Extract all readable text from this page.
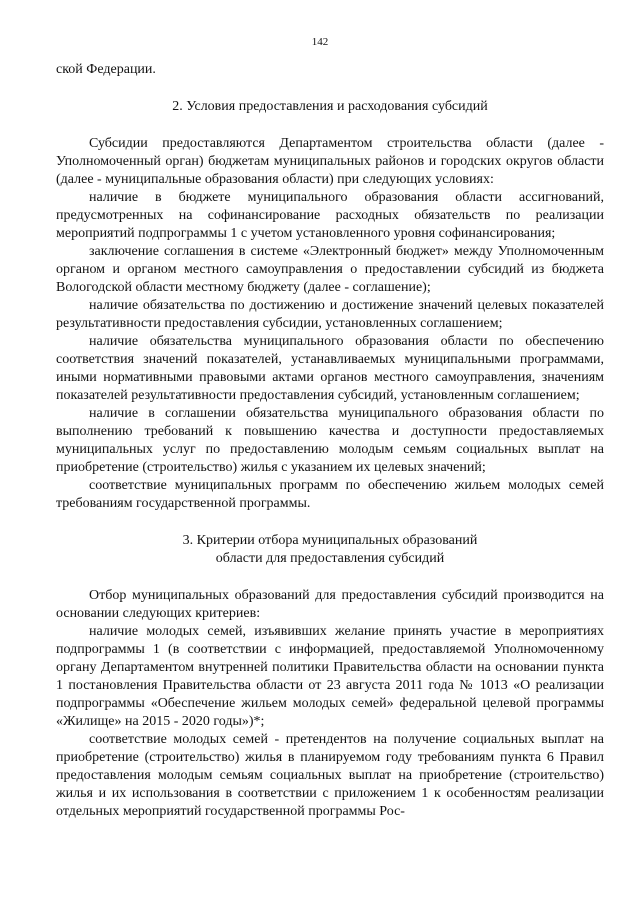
142

ской Федерации.

2. Условия предоставления и расходования субсидий

Субсидии предоставляются Департаментом строительства области (далее - Уполномоченный орган) бюджетам муниципальных районов и городских округов области (далее - муниципальные образования области) при следующих условиях:

наличие в бюджете муниципального образования области ассигнований, предусмотренных на софинансирование расходных обязательств по реализации мероприятий подпрограммы 1 с учетом установленного уровня софинансирования;

заключение соглашения в системе «Электронный бюджет» между Уполномоченным органом и органом местного самоуправления о предоставлении субсидий из бюджета Вологодской области местному бюджету (далее - соглашение);

наличие обязательства по достижению и достижение значений целевых показателей результативности предоставления субсидии, установленных соглашением;

наличие обязательства муниципального образования области по обеспечению соответствия значений показателей, устанавливаемых муниципальными программами, иными нормативными правовыми актами органов местного самоуправления, значениям показателей результативности предоставления субсидий, установленным соглашением;

наличие в соглашении обязательства муниципального образования области по выполнению требований к повышению качества и доступности предоставляемых муниципальных услуг по предоставлению молодым семьям социальных выплат на приобретение (строительство) жилья с указанием их целевых значений;

соответствие муниципальных программ по обеспечению жильем молодых семей требованиям государственной программы.

3. Критерии отбора муниципальных образований
области для предоставления субсидий

Отбор муниципальных образований для предоставления субсидий производится на основании следующих критериев:

наличие молодых семей, изъявивших желание принять участие в мероприятиях подпрограммы 1 (в соответствии с информацией, предоставляемой Уполномоченному органу Департаментом внутренней политики Правительства области на основании пункта 1 постановления Правительства области от 23 августа 2011 года № 1013 «О реализации подпрограммы «Обеспечение жильем молодых семей» федеральной целевой программы «Жилище» на 2015 - 2020 годы»)*;

соответствие молодых семей - претендентов на получение социальных выплат на приобретение (строительство) жилья в планируемом году требованиям пункта 6 Правил предоставления молодым семьям социальных выплат на приобретение (строительство) жилья и их использования в соответствии с приложением 1 к особенностям реализации отдельных мероприятий государственной программы Рос-
